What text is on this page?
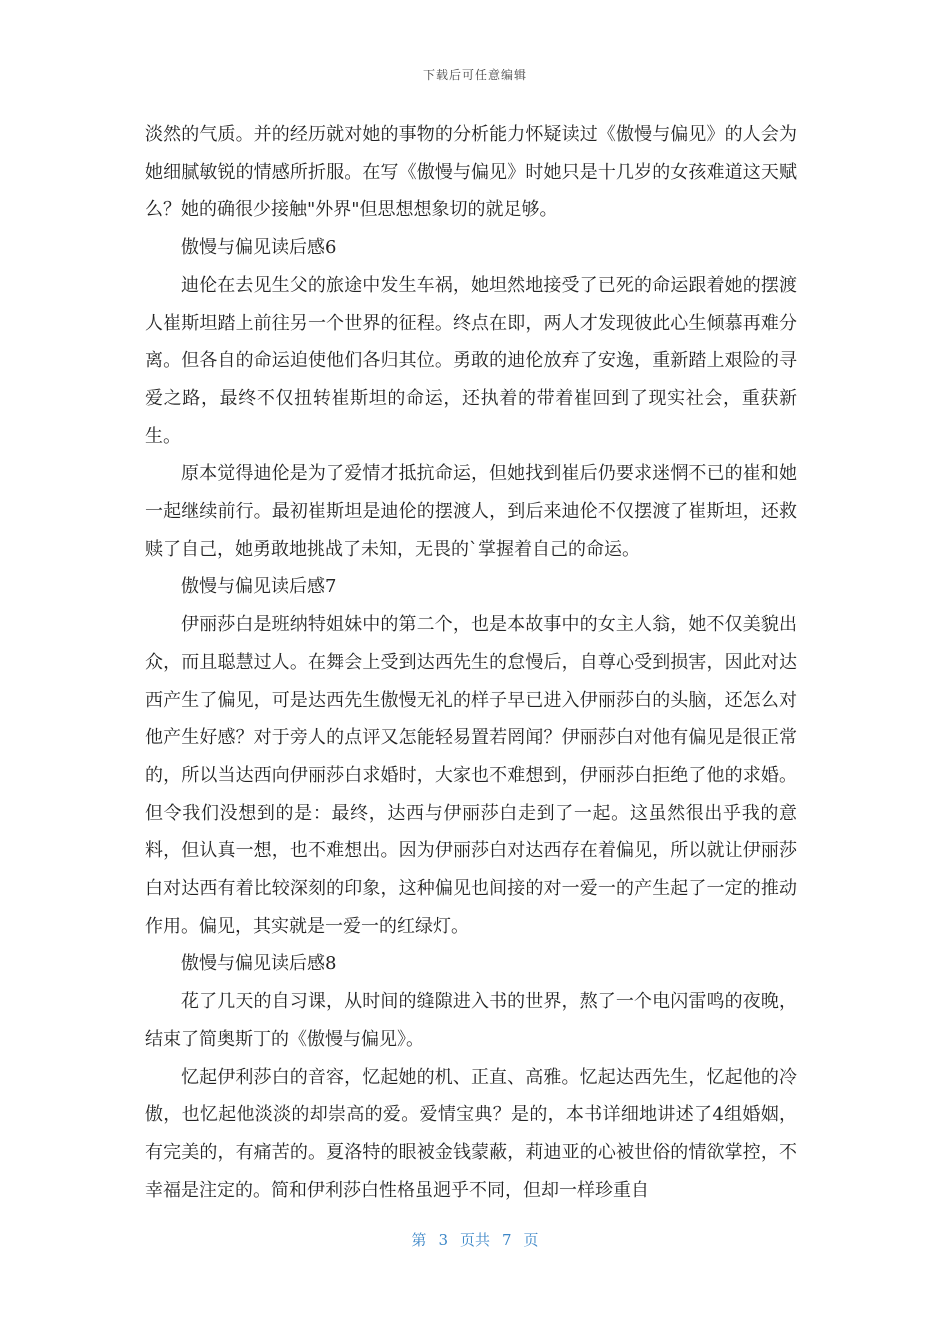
下载后可任意编辑

淡然的气质。并的经历就对她的事物的分析能力怀疑读过《傲慢与偏见》的人会为她细腻敏锐的情感所折服。在写《傲慢与偏见》时她只是十几岁的女孩难道这天赋么？她的确很少接触"外界"但思想想象切的就足够。

傲慢与偏见读后感6

迪伦在去见生父的旅途中发生车祸，她坦然地接受了已死的命运跟着她的摆渡人崔斯坦踏上前往另一个世界的征程。终点在即，两人才发现彼此心生倾慕再难分离。但各自的命运迫使他们各归其位。勇敢的迪伦放弃了安逸，重新踏上艰险的寻爱之路，最终不仅扭转崔斯坦的命运，还执着的带着崔回到了现实社会，重获新生。

原本觉得迪伦是为了爱情才抵抗命运，但她找到崔后仍要求迷惘不已的崔和她一起继续前行。最初崔斯坦是迪伦的摆渡人，到后来迪伦不仅摆渡了崔斯坦，还救赎了自己，她勇敢地挑战了未知，无畏的`掌握着自己的命运。

傲慢与偏见读后感7

伊丽莎白是班纳特姐妹中的第二个，也是本故事中的女主人翁，她不仅美貌出众，而且聪慧过人。在舞会上受到达西先生的怠慢后，自尊心受到损害，因此对达西产生了偏见，可是达西先生傲慢无礼的样子早已进入伊丽莎白的头脑，还怎么对他产生好感？对于旁人的点评又怎能轻易置若罔闻？伊丽莎白对他有偏见是很正常的，所以当达西向伊丽莎白求婚时，大家也不难想到，伊丽莎白拒绝了他的求婚。但令我们没想到的是：最终，达西与伊丽莎白走到了一起。这虽然很出乎我的意料，但认真一想，也不难想出。因为伊丽莎白对达西存在着偏见，所以就让伊丽莎白对达西有着比较深刻的印象，这种偏见也间接的对一爱一的产生起了一定的推动作用。偏见，其实就是一爱一的红绿灯。

傲慢与偏见读后感8

花了几天的自习课，从时间的缝隙进入书的世界，熬了一个电闪雷鸣的夜晚，结束了简奥斯丁的《傲慢与偏见》。

忆起伊利莎白的音容，忆起她的机、正直、高雅。忆起达西先生，忆起他的冷傲，也忆起他淡淡的却崇高的爱。爱情宝典？是的，本书详细地讲述了4组婚姻，有完美的，有痛苦的。夏洛特的眼被金钱蒙蔽，莉迪亚的心被世俗的情欲掌控，不幸福是注定的。简和伊利莎白性格虽迥乎不同，但却一样珍重自

第 3 页共 7 页
